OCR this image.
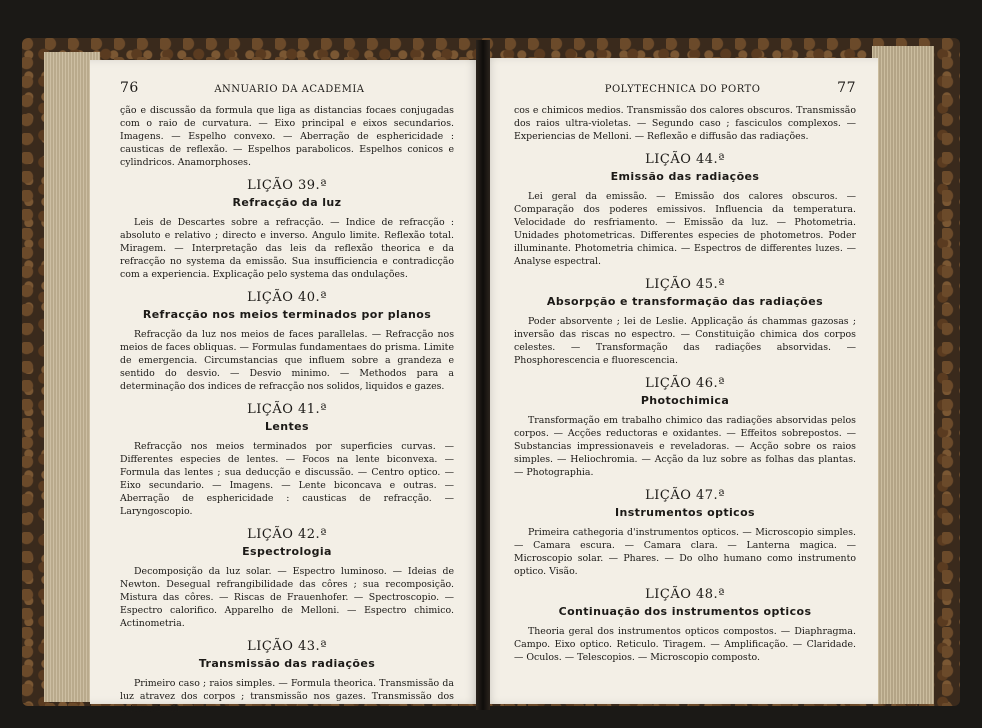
76	ANNUARIO DA ACADEMIA

ção e discussão da formula que liga as distancias focaes conjugadas com o raio de curvatura. — Eixo principal e eixos secundarios. Imagens. — Espelho convexo. — Aberração de esphericidade : causticas de reflexão. — Espelhos parabolicos. Espelhos conicos e cylindricos. Anamorphoses.

LIÇÃO 39.ª
Refracção da luz

Leis de Descartes sobre a refracção. — Indice de refracção : absoluto e relativo ; directo e inverso. Angulo limite. Reflexão total. Miragem. — Interpretação das leis da reflexão theorica e da refracção no systema da emissão. Sua insufficiencia e contradicção com a experiencia. Explicação pelo systema das ondulações.

LIÇÃO 40.ª
Refracção nos meios terminados por planos

Refracção da luz nos meios de faces parallelas. — Refracção nos meios de faces obliquas. — Formulas fundamentaes do prisma. Limite de emergencia. Circumstancias que influem sobre a grandeza e sentido do desvio. — Desvio minimo. — Methodos para a determinação dos indices de refracção nos solidos, liquidos e gazes.

LIÇÃO 41.ª
Lentes

Refracção nos meios terminados por superficies curvas. — Differentes especies de lentes. — Focos na lente biconvexa. — Formula das lentes ; sua deducção e discussão. — Centro optico. — Eixo secundario. — Imagens. — Lente biconcava e outras. — Aberração de esphericidade : causticas de refracção. — Laryngoscopio.

LIÇÃO 42.ª
Espectrologia

Decomposição da luz solar. — Espectro luminoso. — Ideias de Newton. Desegual refrangibilidade das côres ; sua recomposição. Mistura das côres. — Riscas de Frauenhofer. — Spectroscopio. — Espectro calorifico. Apparelho de Melloni. — Espectro chimico. Actinometria.

LIÇÃO 43.ª
Transmissão das radiações

Primeiro caso ; raios simples. — Formula theorica. Transmissão da luz atravez dos corpos ; transmissão nos gazes. Transmissão dos raios calorifi-

POLYTECHNICA DO PORTO	77

cos e chimicos medios. Transmissão dos calores obscuros. Transmissão dos raios ultra-violetas. — Segundo caso ; fasciculos complexos. — Experiencias de Melloni. — Reflexão e diffusão das radiações.

LIÇÃO 44.ª
Emissão das radiações

Lei geral da emissão. — Emissão dos calores obscuros. — Comparação dos poderes emissivos. Influencia da temperatura. Velocidade do resfriamento. — Emissão da luz. — Photometria. Unidades photometricas. Differentes especies de photometros. Poder illuminante. Photometria chimica. — Espectros de differentes luzes. — Analyse espectral.

LIÇÃO 45.ª
Absorpção e transformação das radiações

Poder absorvente ; lei de Leslie. Applicação ás chammas gazosas ; inversão das riscas no espectro. — Constituição chimica dos corpos celestes. — Transformação das radiações absorvidas. — Phosphorescencia e fluorescencia.

LIÇÃO 46.ª
Photochimica

Transformação em trabalho chimico das radiações absorvidas pelos corpos. — Acções reductoras e oxidantes. — Effeitos sobrepostos. — Substancias impressionaveis e reveladoras. — Acção sobre os raios simples. — Heliochromia. — Acção da luz sobre as folhas das plantas. — Photographia.

LIÇÃO 47.ª
Instrumentos opticos

Primeira cathegoria d'instrumentos opticos. — Microscopio simples. — Camara escura. — Camara clara. — Lanterna magica. — Microscopio solar. — Phares. — Do olho humano como instrumento optico. Visão.

LIÇÃO 48.ª
Continuação dos instrumentos opticos

Theoria geral dos instrumentos opticos compostos. — Diaphragma. Campo. Eixo optico. Reticulo. Tiragem. — Amplificação. — Claridade. — Oculos. — Telescopios. — Microscopio composto.
